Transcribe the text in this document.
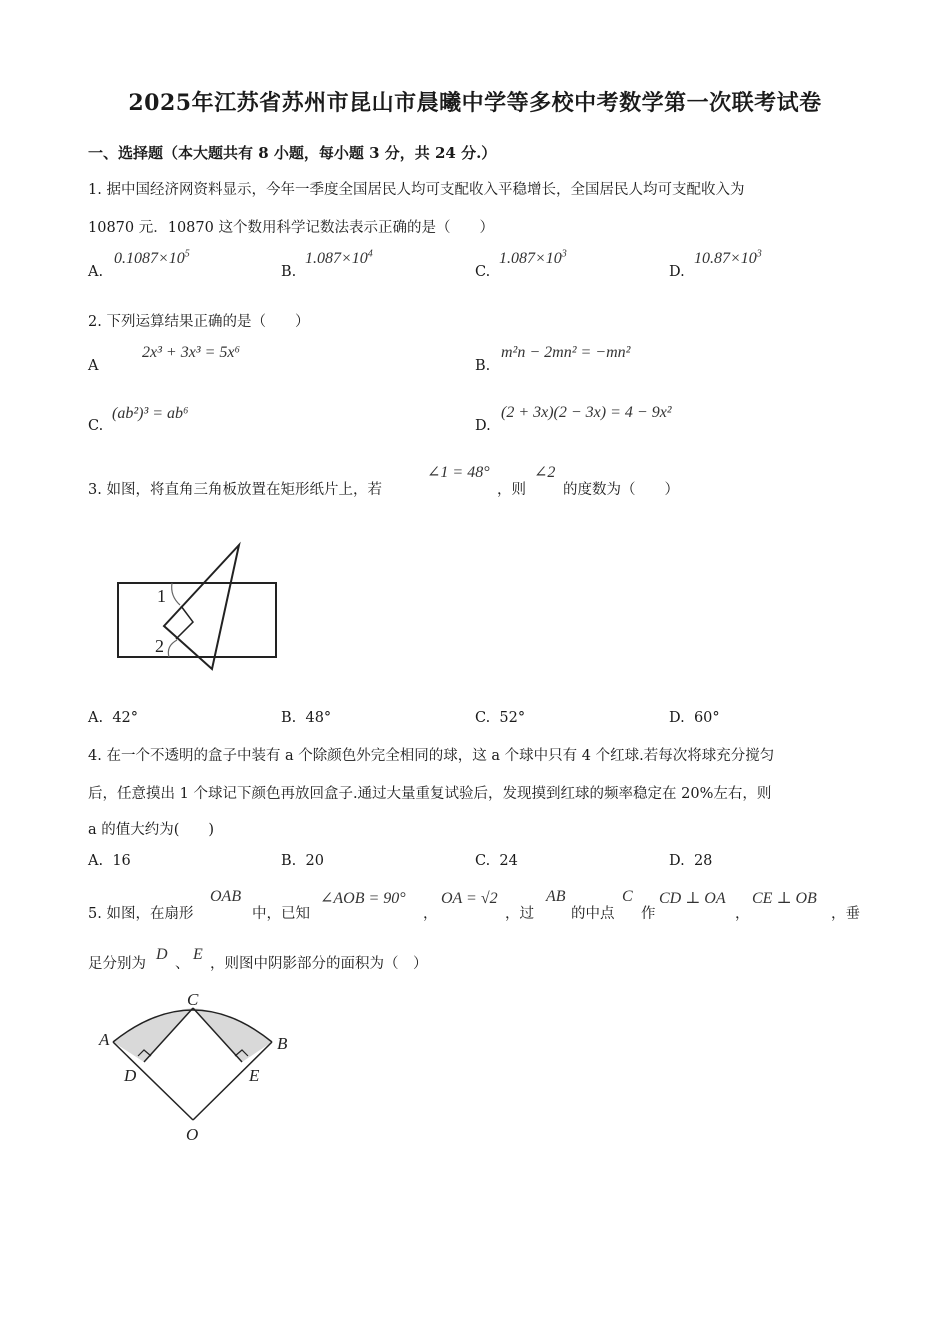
2025年江苏省苏州市昆山市晨曦中学等多校中考数学第一次联考试卷
一、选择题（本大题共有 8 小题，每小题 3 分，共 24 分.）
1. 据中国经济网资料显示，今年一季度全国居民人均可支配收入平稳增长，全国居民人均可支配收入为
10870 元．10870 这个数用科学记数法表示正确的是（　　）
A.
$0.1087\times 10^5$
B.
$1.087\times 10^4$
C.
$1.087\times 10^3$
D.
$10.87\times 10^3$
2. 下列运算结果正确的是（　　）
A
2x³ + 3x³ = 5x⁶
B.
m²n − 2mn² = −mn²
C.
(ab²)³ = ab⁶
D.
(2 + 3x)(2 − 3x) = 4 − 9x²
3. 如图，将直角三角板放置在矩形纸片上，若
∠1 = 48°
，则
∠2
的度数为（　　）
1
2
A. 42°	B. 48°	C. 52°	D. 60°
4. 在一个不透明的盒子中装有 a 个除颜色外完全相同的球，这 a 个球中只有 4 个红球.若每次将球充分搅匀
后，任意摸出 1 个球记下颜色再放回盒子.通过大量重复试验后，发现摸到红球的频率稳定在 20%左右，则
a 的值大约为(　　)
A. 16	B. 20	C. 24	D. 28
5. 如图，在扇形
OAB
中，已知
∠AOB = 90°
，
OA = √2
，过
AB
的中点
C
作
CD ⊥ OA
，
CE ⊥ OB
，垂
足分别为
D
、
E
，则图中阴影部分的面积为（　）
C
A	B
D	E
O
